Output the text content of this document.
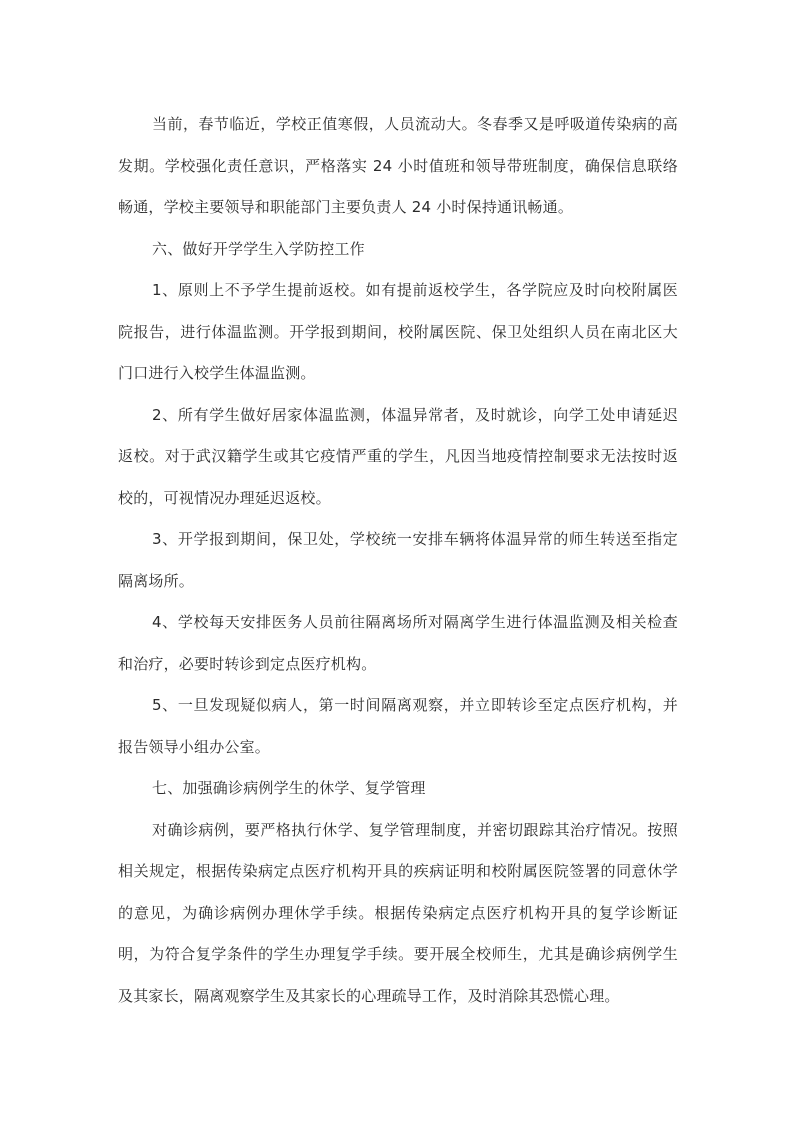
当前，春节临近，学校正值寒假，人员流动大。冬春季又是呼吸道传染病的高发期。学校强化责任意识，严格落实 24 小时值班和领导带班制度，确保信息联络畅通，学校主要领导和职能部门主要负责人 24 小时保持通讯畅通。

六、做好开学学生入学防控工作

1、原则上不予学生提前返校。如有提前返校学生，各学院应及时向校附属医院报告，进行体温监测。开学报到期间，校附属医院、保卫处组织人员在南北区大门口进行入校学生体温监测。

2、所有学生做好居家体温监测，体温异常者，及时就诊，向学工处申请延迟返校。对于武汉籍学生或其它疫情严重的学生，凡因当地疫情控制要求无法按时返校的，可视情况办理延迟返校。

3、开学报到期间，保卫处，学校统一安排车辆将体温异常的师生转送至指定隔离场所。

4、学校每天安排医务人员前往隔离场所对隔离学生进行体温监测及相关检查和治疗，必要时转诊到定点医疗机构。

5、一旦发现疑似病人，第一时间隔离观察，并立即转诊至定点医疗机构，并报告领导小组办公室。

七、加强确诊病例学生的休学、复学管理

对确诊病例，要严格执行休学、复学管理制度，并密切跟踪其治疗情况。按照相关规定，根据传染病定点医疗机构开具的疾病证明和校附属医院签署的同意休学的意见，为确诊病例办理休学手续。根据传染病定点医疗机构开具的复学诊断证明，为符合复学条件的学生办理复学手续。要开展全校师生，尤其是确诊病例学生及其家长，隔离观察学生及其家长的心理疏导工作，及时消除其恐慌心理。
